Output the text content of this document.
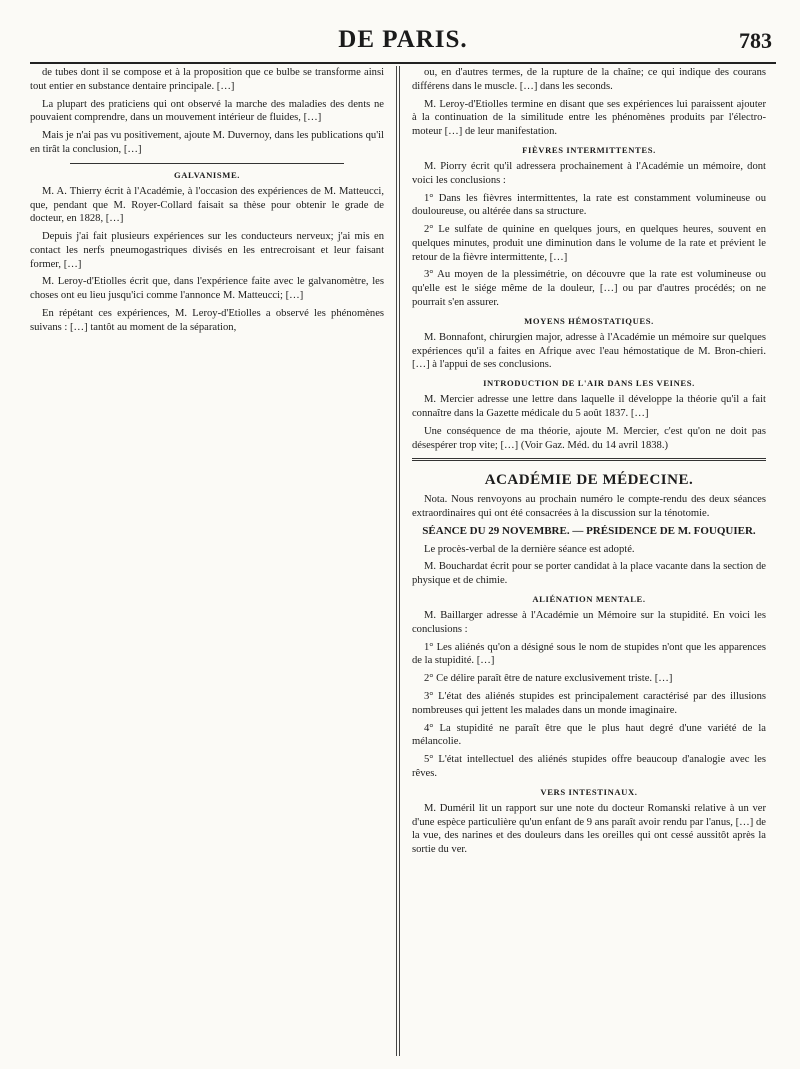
DE PARIS.	783

de tubes dont il se compose et à la proposition que ce bulbe se transforme ainsi tout entier en substance dentaire principale. […]

La plupart des praticiens qui ont observé la marche des maladies des dents ne pouvaient comprendre, dans un mouvement intérieur de fluides, […]

Mais je n'ai pas vu positivement, ajoute M. Duvernoy, dans les publications qu'il en tirât la conclusion, […]

GALVANISME.

M. A. Thierry écrit à l'Académie, à l'occasion des expériences de M. Matteucci, que, pendant que M. Royer-Collard faisait sa thèse pour obtenir le grade de docteur, en 1828, […]

Depuis j'ai fait plusieurs expériences sur les conducteurs nerveux; j'ai mis en contact les nerfs pneumogastriques divisés en les entrecroisant et leur faisant former, […]

M. Leroy-d'Etiolles écrit que, dans l'expérience faite avec le galvanomètre, les choses ont eu lieu jusqu'ici comme l'annonce M. Matteucci; […]

En répétant ces expériences, M. Leroy-d'Etiolles a observé les phénomènes suivans : […] tantôt au moment de la séparation,

ou, en d'autres termes, de la rupture de la chaîne; ce qui indique des courans différens dans le muscle. […] dans les seconds.

M. Leroy-d'Etiolles termine en disant que ses expériences lui paraissent ajouter à la continuation de la similitude entre les phénomènes produits par l'électro-moteur […] de leur manifestation.

FIÈVRES INTERMITTENTES.

M. Piorry écrit qu'il adressera prochainement à l'Académie un mémoire, dont voici les conclusions :

1° Dans les fièvres intermittentes, la rate est constamment volumineuse ou douloureuse, ou altérée dans sa structure.

2° Le sulfate de quinine en quelques jours, en quelques heures, souvent en quelques minutes, produit une diminution dans le volume de la rate et prévient le retour de la fièvre intermittente, […]

3° Au moyen de la plessimétrie, on découvre que la rate est volumineuse ou qu'elle est le siége même de la douleur, […] ou par d'autres procédés; on ne pourrait s'en assurer.

MOYENS HÉMOSTATIQUES.

M. Bonnafont, chirurgien major, adresse à l'Académie un mémoire sur quelques expériences qu'il a faites en Afrique avec l'eau hémostatique de M. Bron-chieri. […] à l'appui de ses conclusions.

INTRODUCTION DE L'AIR DANS LES VEINES.

M. Mercier adresse une lettre dans laquelle il développe la théorie qu'il a fait connaître dans la Gazette médicale du 5 août 1837. […]

Une conséquence de ma théorie, ajoute M. Mercier, c'est qu'on ne doit pas désespérer trop vite; […] (Voir Gaz. Méd. du 14 avril 1838.)

ACADÉMIE DE MÉDECINE.

Nota. Nous renvoyons au prochain numéro le compte-rendu des deux séances extraordinaires qui ont été consacrées à la discussion sur la ténotomie.

SÉANCE DU 29 NOVEMBRE. — PRÉSIDENCE DE M. FOUQUIER.

Le procès-verbal de la dernière séance est adopté.

M. Bouchardat écrit pour se porter candidat à la place vacante dans la section de physique et de chimie.

ALIÉNATION MENTALE.

M. Baillarger adresse à l'Académie un Mémoire sur la stupidité. En voici les conclusions :

1° Les aliénés qu'on a désigné sous le nom de stupides n'ont que les apparences de la stupidité. […]

2° Ce délire paraît être de nature exclusivement triste. […]

3° L'état des aliénés stupides est principalement caractérisé par des illusions nombreuses qui jettent les malades dans un monde imaginaire.

4° La stupidité ne paraît être que le plus haut degré d'une variété de la mélancolie.

5° L'état intellectuel des aliénés stupides offre beaucoup d'analogie avec les rêves.

VERS INTESTINAUX.

M. Duméril lit un rapport sur une note du docteur Romanski relative à un ver d'une espèce particulière qu'un enfant de 9 ans paraît avoir rendu par l'anus, […] de la vue, des narines et des douleurs dans les oreilles qui ont cessé aussitôt après la sortie du ver.
